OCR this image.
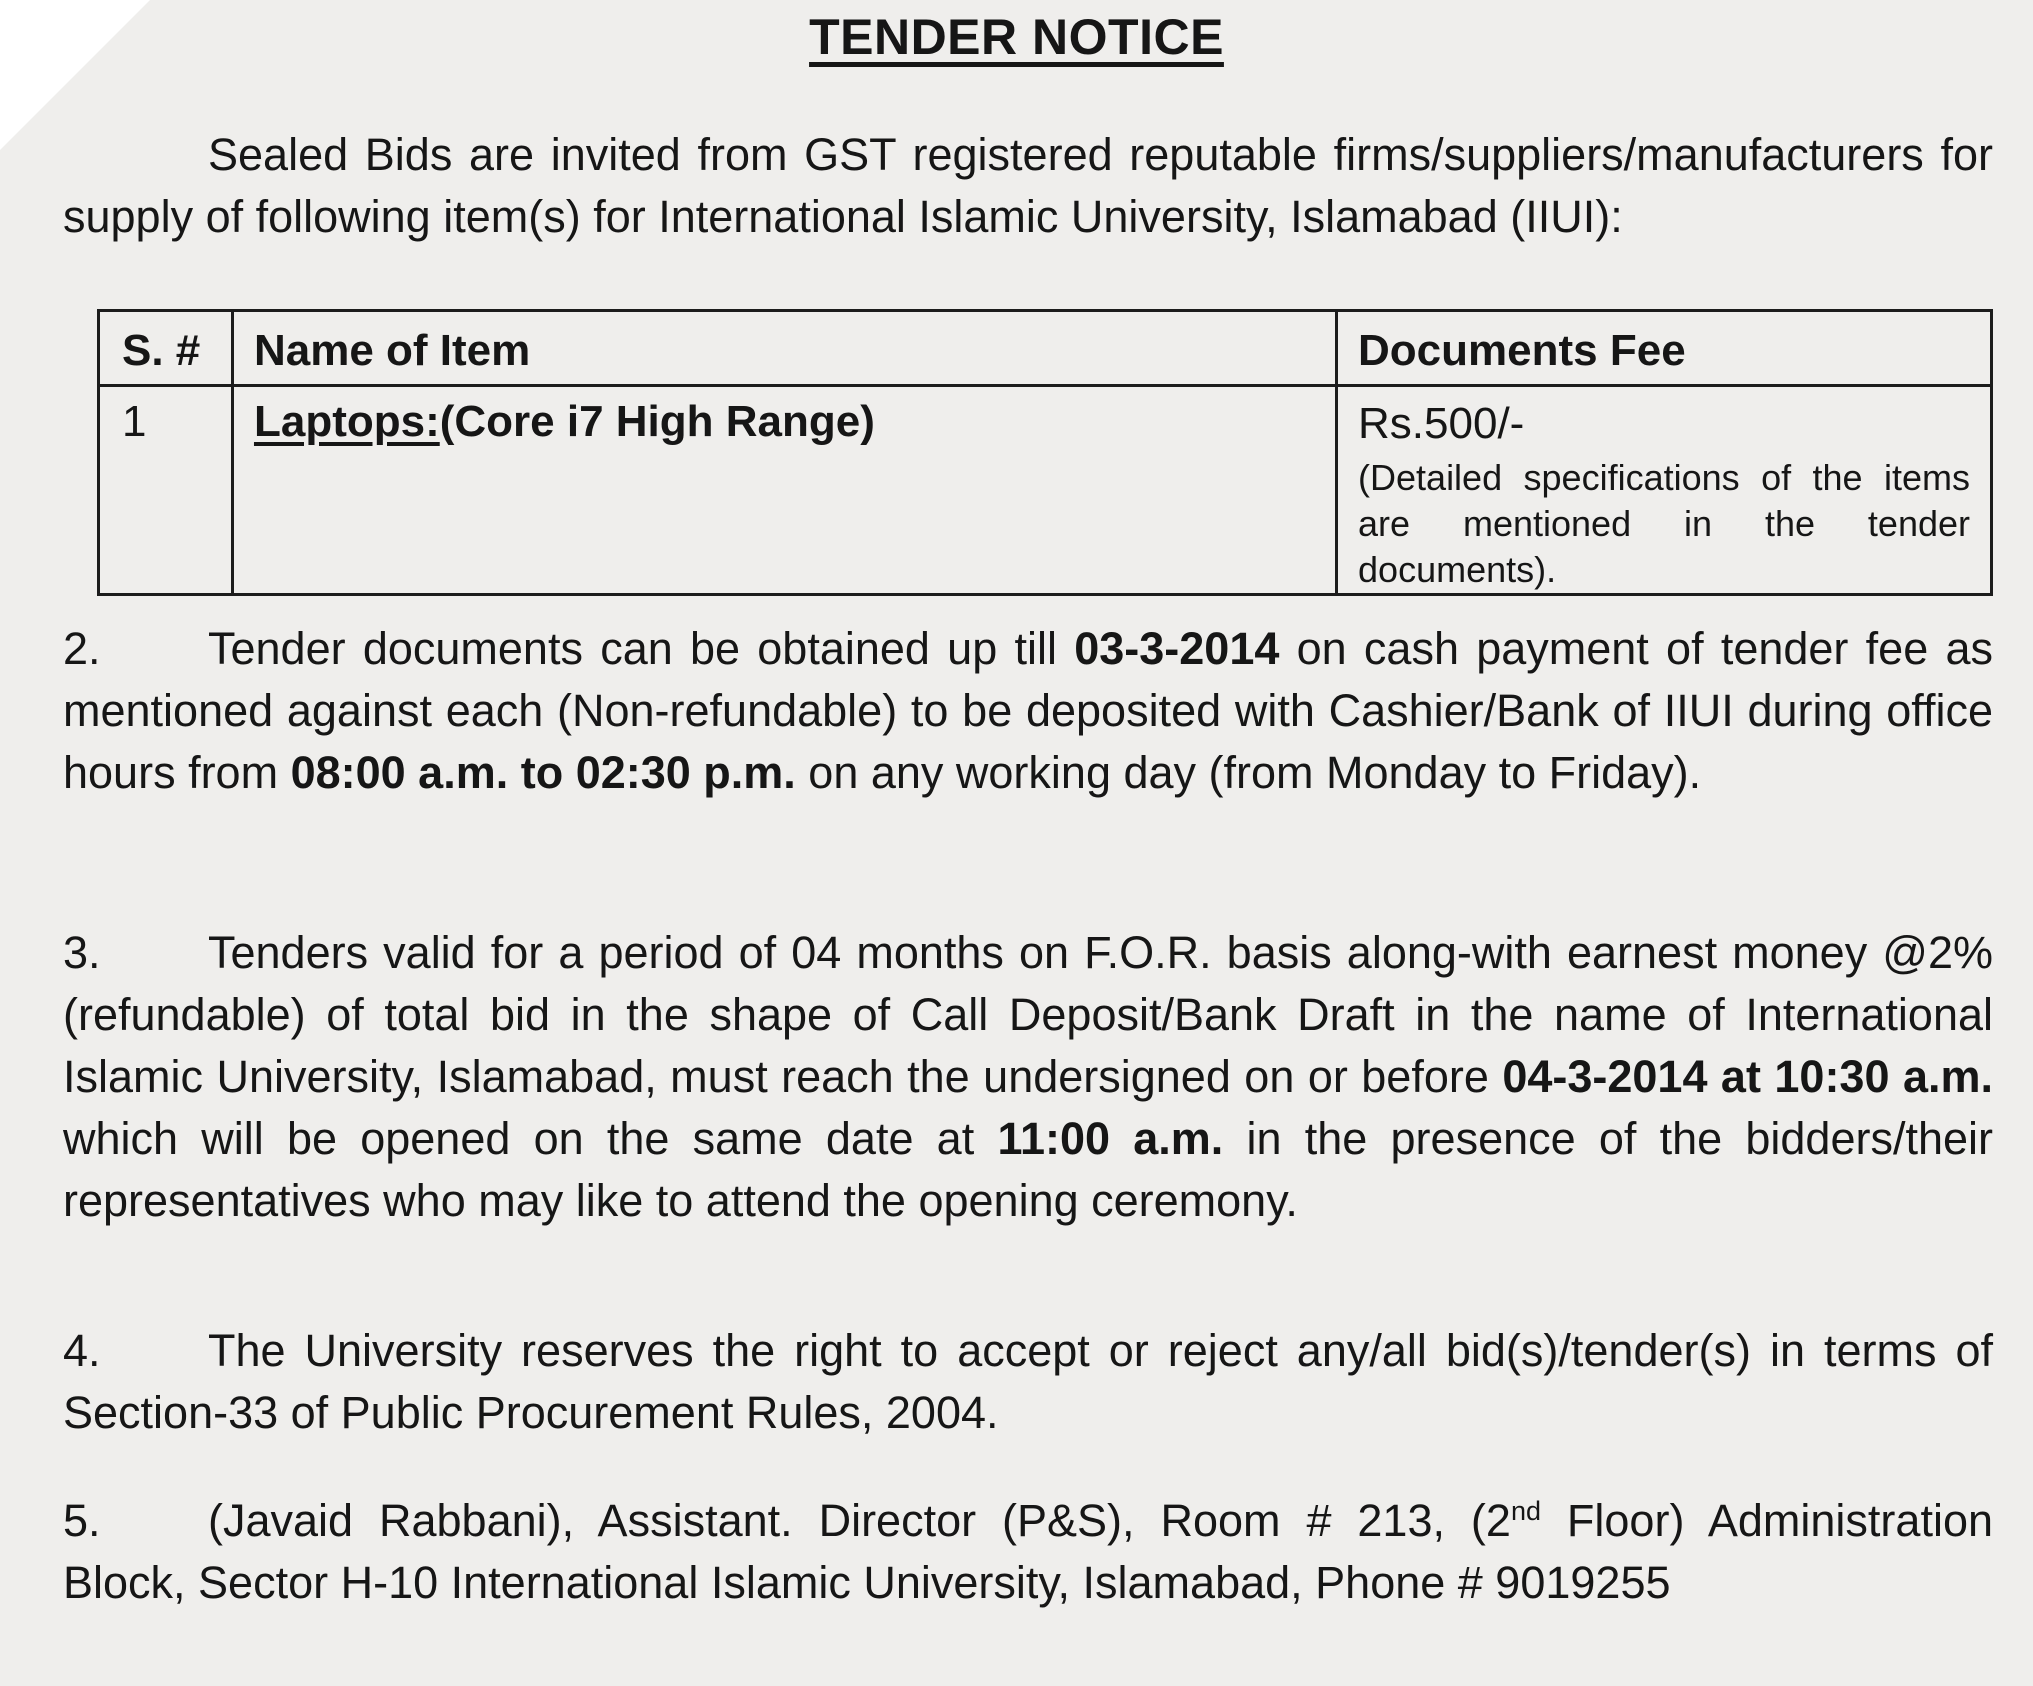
TENDER NOTICE
Sealed Bids are invited from GST registered reputable firms/suppliers/manufacturers for supply of following item(s) for International Islamic University, Islamabad (IIUI):
S. #	Name of Item	Documents Fee
1	Laptops:(Core i7 High Range)	Rs.500/-
(Detailed specifications of the items are mentioned in the tender documents).
2. Tender documents can be obtained up till 03-3-2014 on cash payment of tender fee as mentioned against each (Non-refundable) to be deposited with Cashier/Bank of IIUI during office hours from 08:00 a.m. to 02:30 p.m. on any working day (from Monday to Friday).
3. Tenders valid for a period of 04 months on F.O.R. basis along-with earnest money @2% (refundable) of total bid in the shape of Call Deposit/Bank Draft in the name of International Islamic University, Islamabad, must reach the undersigned on or before 04-3-2014 at 10:30 a.m. which will be opened on the same date at 11:00 a.m. in the presence of the bidders/their representatives who may like to attend the opening ceremony.
4. The University reserves the right to accept or reject any/all bid(s)/tender(s) in terms of Section-33 of Public Procurement Rules, 2004.
5. (Javaid Rabbani), Assistant. Director (P&S), Room # 213, (2nd Floor) Administration Block, Sector H-10 International Islamic University, Islamabad, Phone # 9019255
